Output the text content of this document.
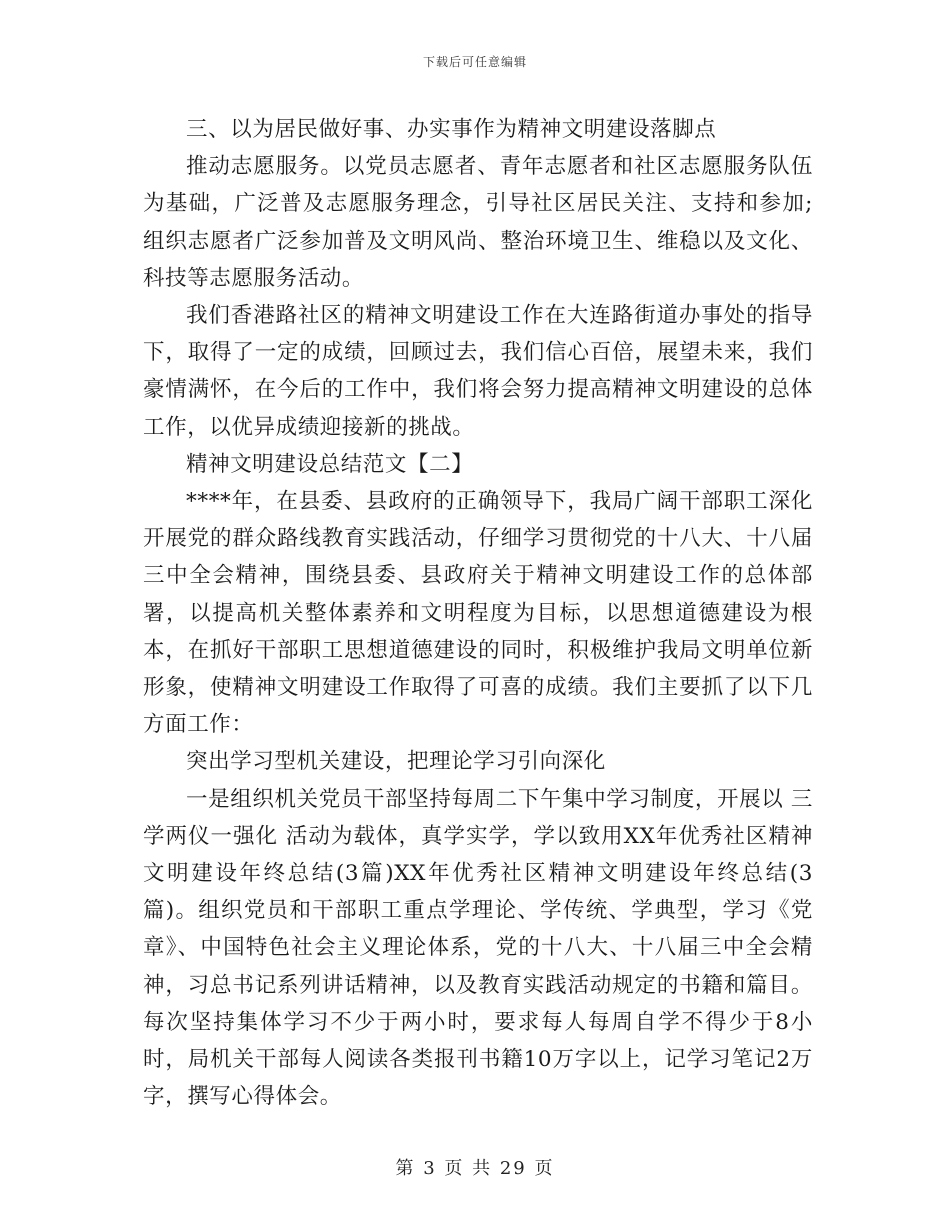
下载后可任意编辑

三、以为居民做好事、办实事作为精神文明建设落脚点

推动志愿服务。以党员志愿者、青年志愿者和社区志愿服务队伍为基础，广泛普及志愿服务理念，引导社区居民关注、支持和参加;组织志愿者广泛参加普及文明风尚、整治环境卫生、维稳以及文化、科技等志愿服务活动。

我们香港路社区的精神文明建设工作在大连路街道办事处的指导下，取得了一定的成绩，回顾过去，我们信心百倍，展望未来，我们豪情满怀，在今后的工作中，我们将会努力提高精神文明建设的总体工作，以优异成绩迎接新的挑战。

精神文明建设总结范文【二】

****年，在县委、县政府的正确领导下，我局广阔干部职工深化开展党的群众路线教育实践活动，仔细学习贯彻党的十八大、十八届三中全会精神，围绕县委、县政府关于精神文明建设工作的总体部署，以提高机关整体素养和文明程度为目标，以思想道德建设为根本，在抓好干部职工思想道德建设的同时，积极维护我局文明单位新形象，使精神文明建设工作取得了可喜的成绩。我们主要抓了以下几方面工作：

突出学习型机关建设，把理论学习引向深化

一是组织机关党员干部坚持每周二下午集中学习制度，开展以 三学两仪一强化 活动为载体，真学实学，学以致用XX年优秀社区精神文明建设年终总结(3篇)XX年优秀社区精神文明建设年终总结(3篇)。组织党员和干部职工重点学理论、学传统、学典型，学习《党章》、中国特色社会主义理论体系，党的十八大、十八届三中全会精神，习总书记系列讲话精神，以及教育实践活动规定的书籍和篇目。每次坚持集体学习不少于两小时，要求每人每周自学不得少于8小时，局机关干部每人阅读各类报刊书籍10万字以上，记学习笔记2万字，撰写心得体会。

第 3 页 共 29 页
